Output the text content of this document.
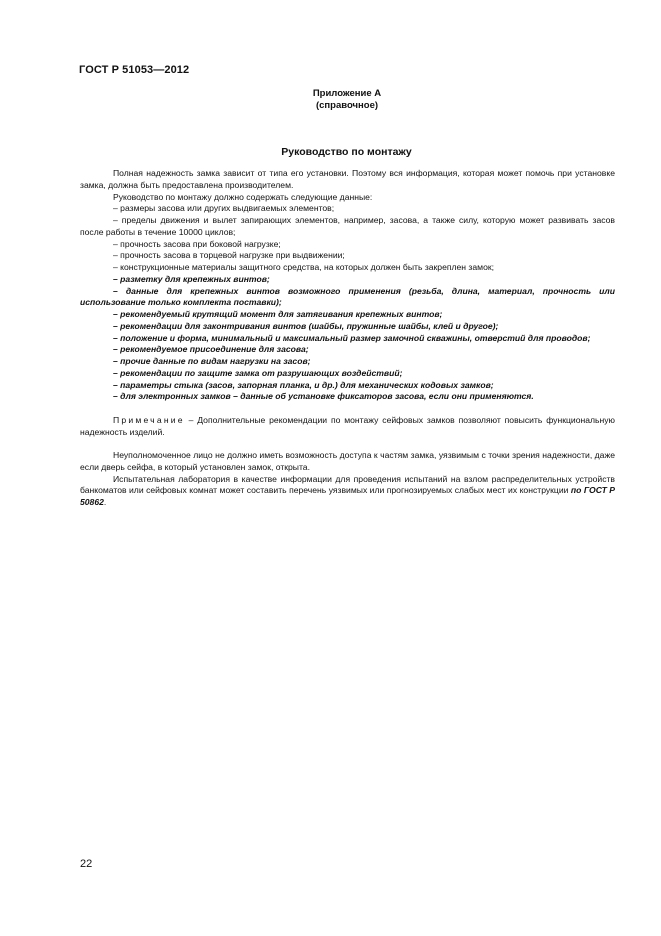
ГОСТ Р 51053—2012
Приложение А
(справочное)
Руководство по монтажу

Полная надежность замка зависит от типа его установки. Поэтому вся информация, которая может помочь при установке замка, должна быть предоставлена производителем.

Руководство по монтажу должно содержать следующие данные:

– размеры засова или других выдвигаемых элементов;

– пределы движения и вылет запирающих элементов, например, засова, а также силу, которую может развивать засов после работы в течение 10000 циклов;

– прочность засова при боковой нагрузке;

– прочность засова в торцевой нагрузке при выдвижении;

– конструкционные материалы защитного средства, на которых должен быть закреплен замок;

– разметку для крепежных винтов;

– данные для крепежных винтов возможного применения (резьба, длина, материал, прочность или использование только комплекта поставки);

– рекомендуемый крутящий момент для затягивания крепежных винтов;

– рекомендации для законтривания винтов (шайбы, пружинные шайбы, клей и другое);

– положение и форма, минимальный и максимальный размер замочной скважины, отверстий для проводов;

– рекомендуемое присоединение для засова;

– прочие данные по видам нагрузки на засов;

– рекомендации по защите замка от разрушающих воздействий;

– параметры стыка (засов, запорная планка, и др.) для механических кодовых замков;

– для электронных замков – данные об установке фиксаторов засова, если они применяются.

Примечание – Дополнительные рекомендации по монтажу сейфовых замков позволяют повысить функциональную надежность изделий.

Неуполномоченное лицо не должно иметь возможность доступа к частям замка, уязвимым с точки зрения надежности, даже если дверь сейфа, в который установлен замок, открыта.

Испытательная лаборатория в качестве информации для проведения испытаний на взлом распределительных устройств банкоматов или сейфовых комнат может составить перечень уязвимых или прогнозируемых слабых мест их конструкции по ГОСТ Р 50862.

22
